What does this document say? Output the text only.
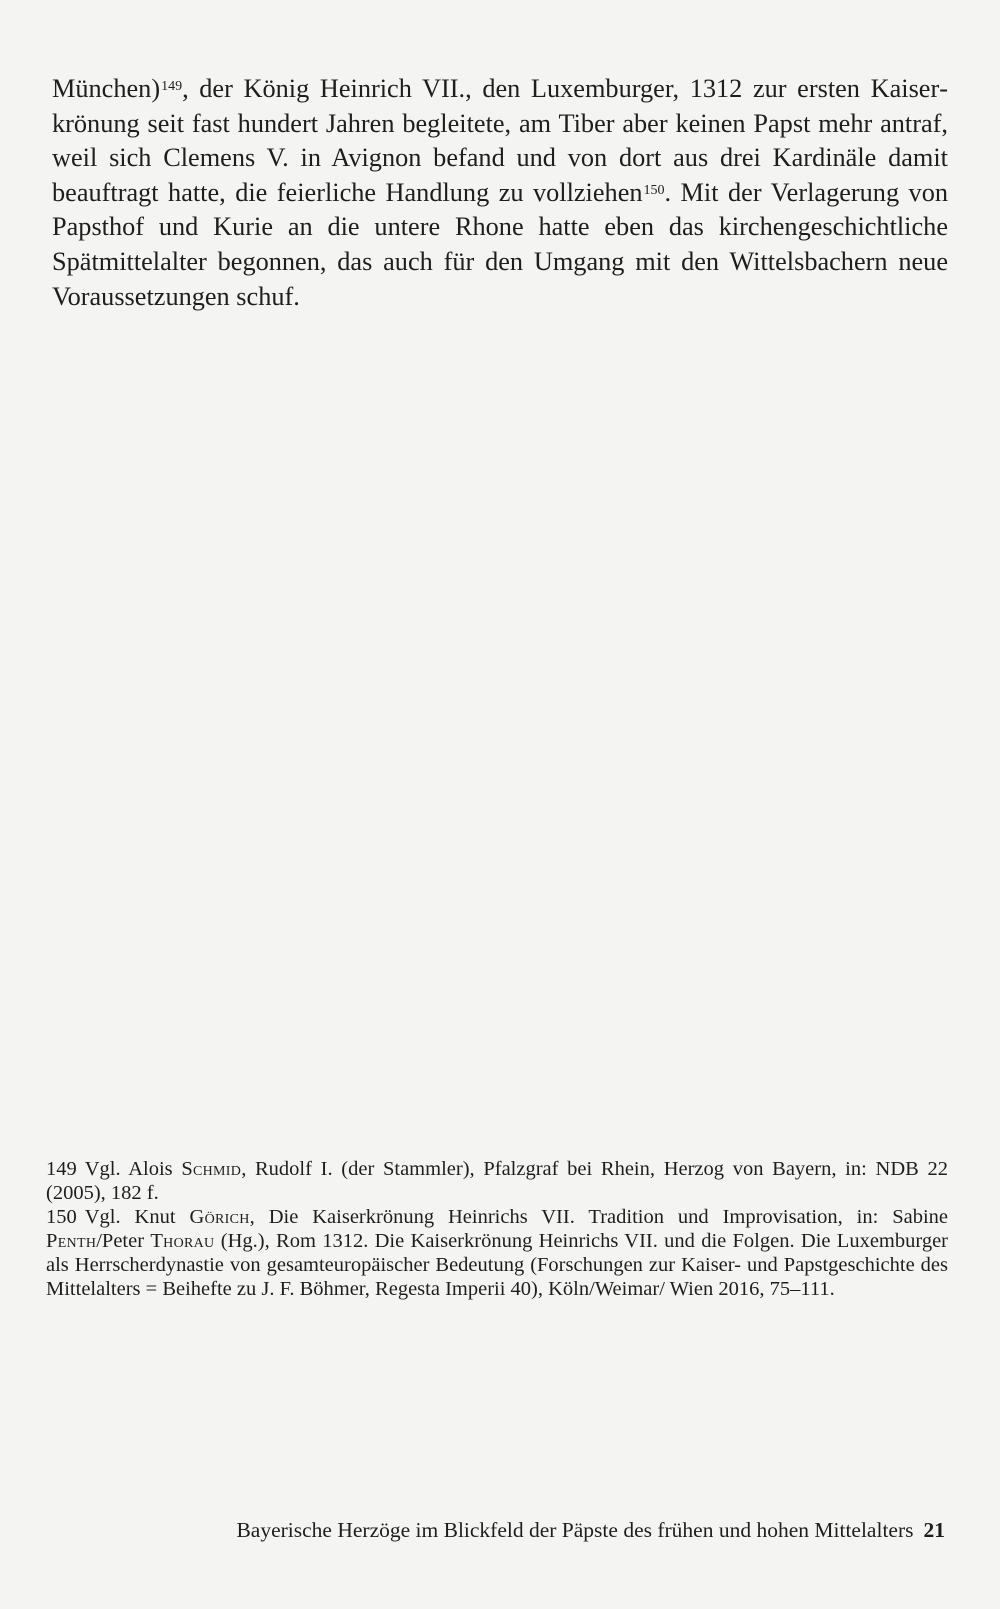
München)$^{149}$, der König Heinrich VII., den Luxemburger, 1312 zur ersten Kaiserkrönung seit fast hundert Jahren begleitete, am Tiber aber keinen Papst mehr antraf, weil sich Clemens V. in Avignon befand und von dort aus drei Kardinäle damit beauftragt hatte, die feierliche Handlung zu vollziehen$^{150}$. Mit der Verlagerung von Papsthof und Kurie an die untere Rhone hatte eben das kirchengeschichtliche Spätmittelalter begonnen, das auch für den Umgang mit den Wittelsbachern neue Voraussetzungen schuf.

149 Vgl. Alois Schmid, Rudolf I. (der Stammler), Pfalzgraf bei Rhein, Herzog von Bayern, in: NDB 22 (2005), 182 f.

150 Vgl. Knut Görich, Die Kaiserkrönung Heinrichs VII. Tradition und Improvisation, in: Sabine Penth/Peter Thorau (Hg.), Rom 1312. Die Kaiserkrönung Heinrichs VII. und die Folgen. Die Luxemburger als Herrscherdynastie von gesamteuropäischer Bedeutung (Forschungen zur Kaiser- und Papstgeschichte des Mittelalters = Beihefte zu J. F. Böhmer, Regesta Imperii 40), Köln/Weimar/ Wien 2016, 75–111.

Bayerische Herzöge im Blickfeld der Päpste des frühen und hohen Mittelalters 21
